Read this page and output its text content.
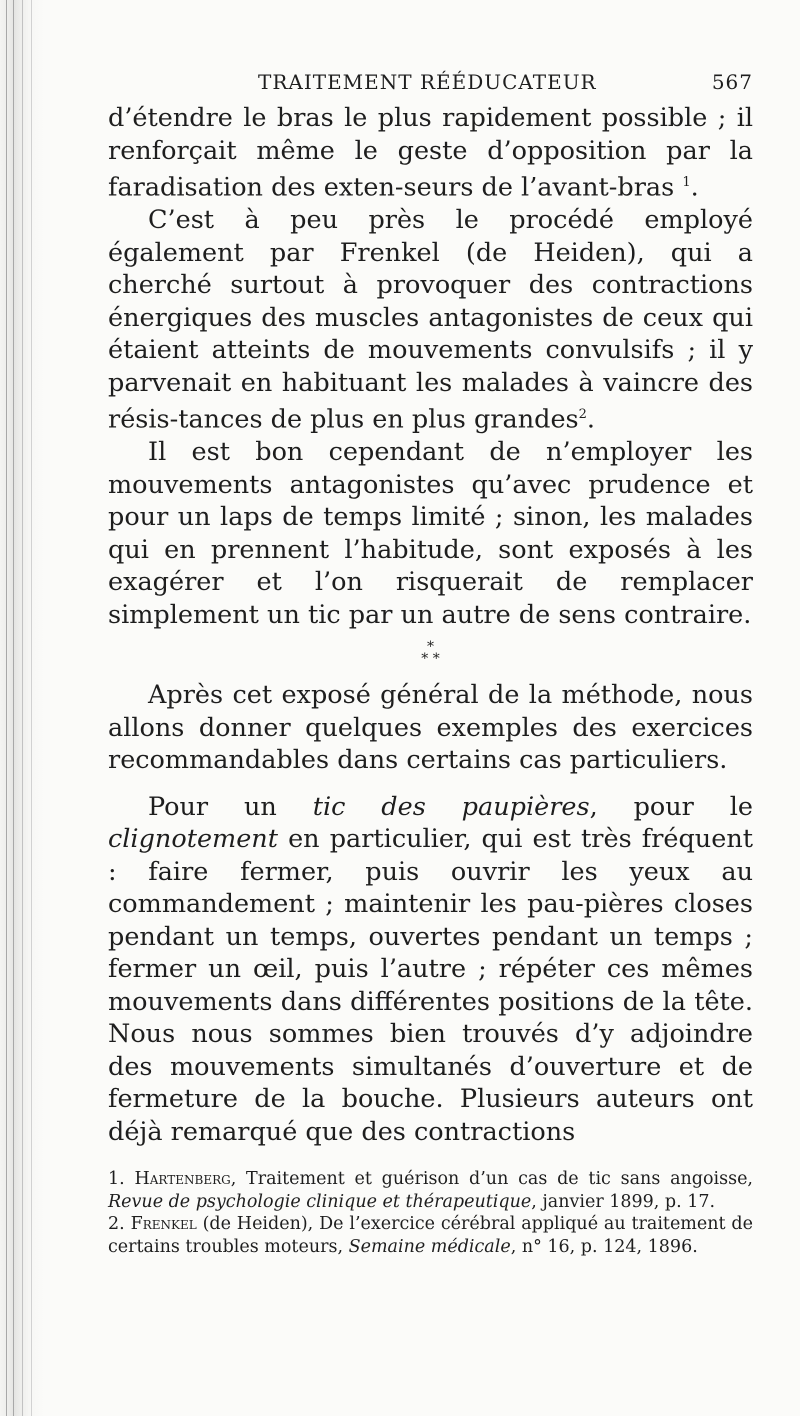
TRAITEMENT RÉÉDUCATEUR	567

d’étendre le bras le plus rapidement possible ; il renforçait même le geste d’opposition par la faradisation des exten-seurs de l’avant-bras $^1$.

C’est à peu près le procédé employé également par Frenkel (de Heiden), qui a cherché surtout à provoquer des contractions énergiques des muscles antagonistes de ceux qui étaient atteints de mouvements convulsifs ; il y parvenait en habituant les malades à vaincre des résis-tances de plus en plus grandes$^2$.

Il est bon cependant de n’employer les mouvements antagonistes qu’avec prudence et pour un laps de temps limité ; sinon, les malades qui en prennent l’habitude, sont exposés à les exagérer et l’on risquerait de remplacer simplement un tic par un autre de sens contraire.

*
* *

Après cet exposé général de la méthode, nous allons donner quelques exemples des exercices recommandables dans certains cas particuliers.

Pour un tic des paupières, pour le clignotement en particulier, qui est très fréquent : faire fermer, puis ouvrir les yeux au commandement ; maintenir les pau-pières closes pendant un temps, ouvertes pendant un temps ; fermer un œil, puis l’autre ; répéter ces mêmes mouvements dans différentes positions de la tête. Nous nous sommes bien trouvés d’y adjoindre des mouvements simultanés d’ouverture et de fermeture de la bouche. Plusieurs auteurs ont déjà remarqué que des contractions

1. Hartenberg, Traitement et guérison d’un cas de tic sans angoisse, Revue de psychologie clinique et thérapeutique, janvier 1899, p. 17.

2. Frenkel (de Heiden), De l’exercice cérébral appliqué au traitement de certains troubles moteurs, Semaine médicale, n° 16, p. 124, 1896.
